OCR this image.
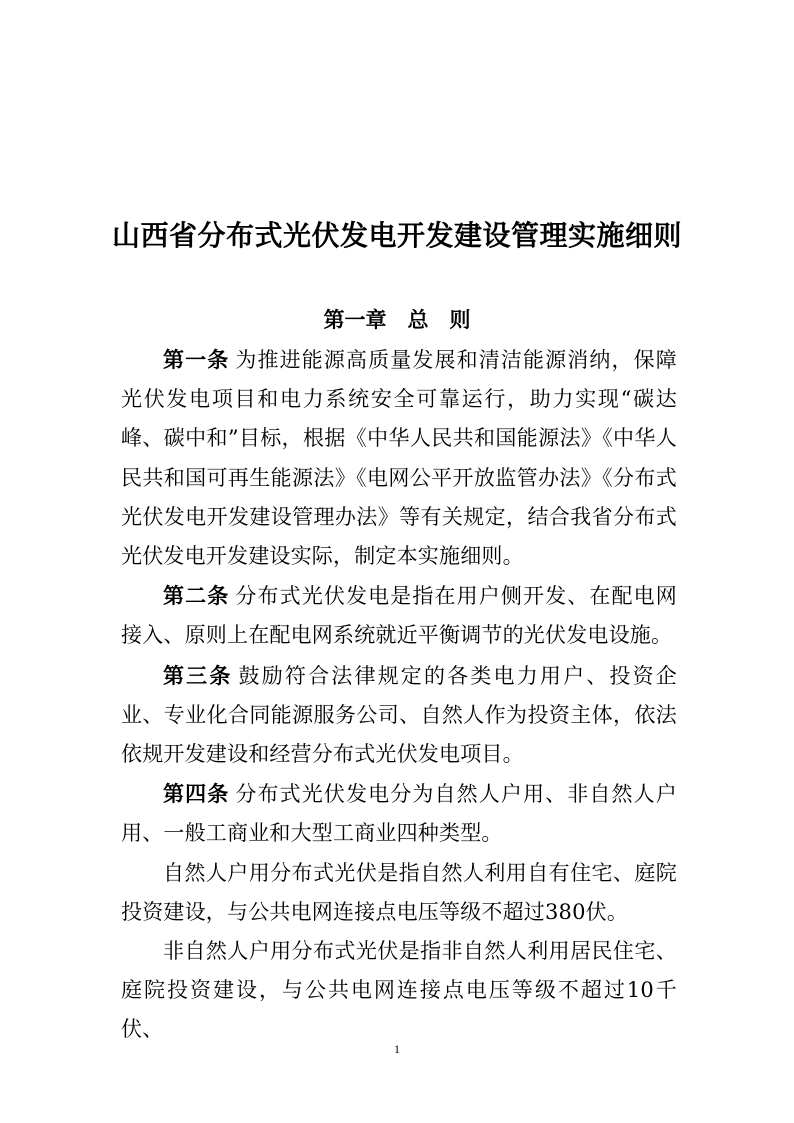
山西省分布式光伏发电开发建设管理实施细则
第一章　总　则

第一条 为推进能源高质量发展和清洁能源消纳，保障光伏发电项目和电力系统安全可靠运行，助力实现“碳达峰、碳中和”目标，根据《中华人民共和国能源法》《中华人民共和国可再生能源法》《电网公平开放监管办法》《分布式光伏发电开发建设管理办法》等有关规定，结合我省分布式光伏发电开发建设实际，制定本实施细则。

第二条 分布式光伏发电是指在用户侧开发、在配电网接入、原则上在配电网系统就近平衡调节的光伏发电设施。

第三条 鼓励符合法律规定的各类电力用户、投资企业、专业化合同能源服务公司、自然人作为投资主体，依法依规开发建设和经营分布式光伏发电项目。

第四条 分布式光伏发电分为自然人户用、非自然人户用、一般工商业和大型工商业四种类型。

自然人户用分布式光伏是指自然人利用自有住宅、庭院投资建设，与公共电网连接点电压等级不超过380伏。

非自然人户用分布式光伏是指非自然人利用居民住宅、庭院投资建设，与公共电网连接点电压等级不超过10千伏、

1
